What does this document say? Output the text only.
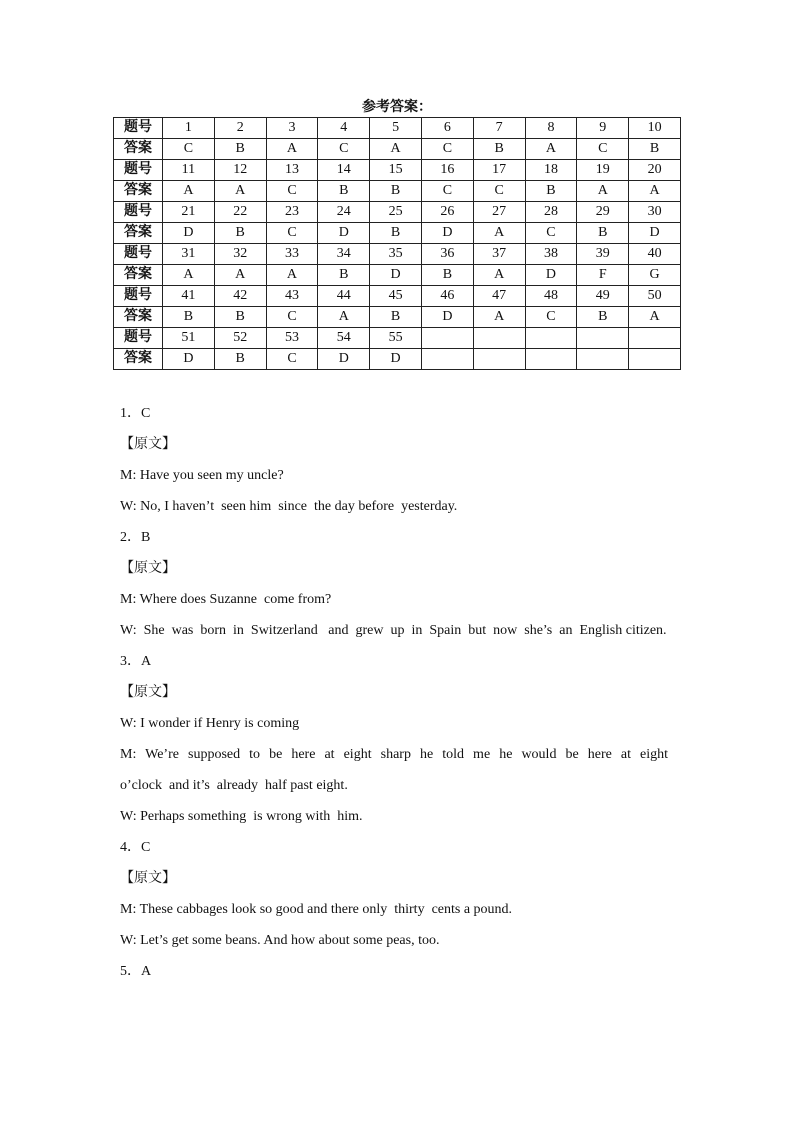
参考答案：
题号	1	2	3	4	5	6	7	8	9	10
答案	C	B	A	C	A	C	B	A	C	B
题号	11	12	13	14	15	16	17	18	19	20
答案	A	A	C	B	B	C	C	B	A	A
题号	21	22	23	24	25	26	27	28	29	30
答案	D	B	C	D	B	D	A	C	B	D
题号	31	32	33	34	35	36	37	38	39	40
答案	A	A	A	B	D	B	A	D	F	G
题号	41	42	43	44	45	46	47	48	49	50
答案	B	B	C	A	B	D	A	C	B	A
题号	51	52	53	54	55					
答案	D	B	C	D	D					
1．C
【原文】
M: Have you seen my uncle?
W: No, I haven’t  seen him  since  the day before  yesterday.
2．B
【原文】
M: Where does Suzanne  come from?
W:  She  was  born  in  Switzerland   and  grew  up  in  Spain  but  now  she’s  an  English citizen.
3．A
【原文】
W: I wonder if Henry is coming
M:  We’re  supposed  to  be  here  at  eight  sharp  he  told  me  he  would  be  here  at  eight o’clock  and it’s  already  half past eight.
W: Perhaps something  is wrong with  him.
4．C
【原文】
M: These cabbages look so good and there only  thirty  cents a pound.
W: Let’s get some beans. And how about some peas, too.
5．A
